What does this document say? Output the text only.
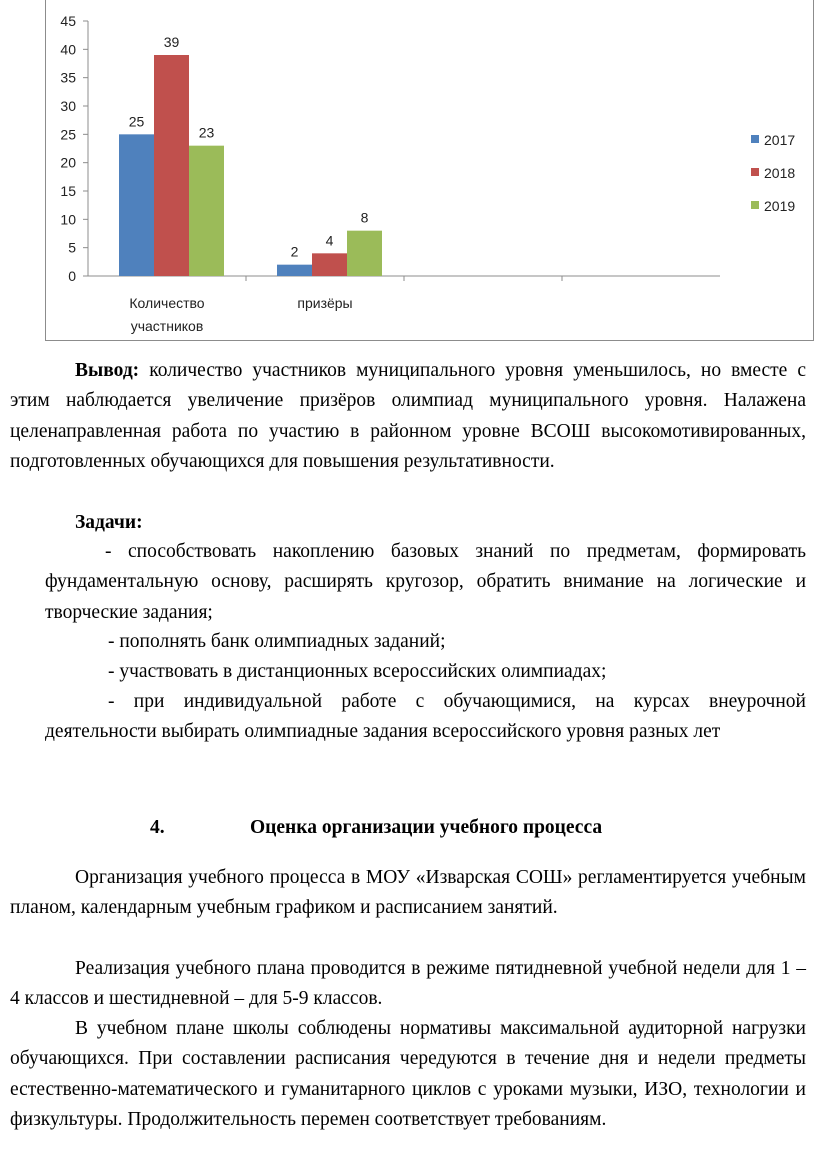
0
5
10
15
20
25
30
35
40
45
25
39
23
Количество
участников
2
4
8
призёры
2017
2018
2019

Вывод: количество участников муниципального уровня уменьшилось, но вместе с этим наблюдается увеличение призёров олимпиад муниципального уровня. Налажена целенаправленная работа по участию в районном уровне ВСОШ высокомотивированных, подготовленных обучающихся для повышения результативности.

Задачи:

- способствовать накоплению базовых знаний по предметам, формировать фундаментальную основу, расширять кругозор, обратить внимание на логические и творческие задания;

- пополнять банк олимпиадных заданий;
- участвовать в дистанционных всероссийских олимпиадах;

- при индивидуальной работе с обучающимися, на курсах внеурочной деятельности выбирать олимпиадные задания всероссийского уровня разных лет

4.	Оценка организации учебного процесса

Организация учебного процесса в МОУ «Изварская СОШ» регламентируется учебным планом, календарным учебным графиком и расписанием занятий.

Реализация учебного плана проводится в режиме пятидневной учебной недели для 1 – 4 классов и шестидневной – для 5-9 классов.

В учебном плане школы соблюдены нормативы максимальной аудиторной нагрузки обучающихся. При составлении расписания чередуются в течение дня и недели предметы естественно-математического и гуманитарного циклов с уроками музыки, ИЗО, технологии и физкультуры. Продолжительность перемен соответствует требованиям.
